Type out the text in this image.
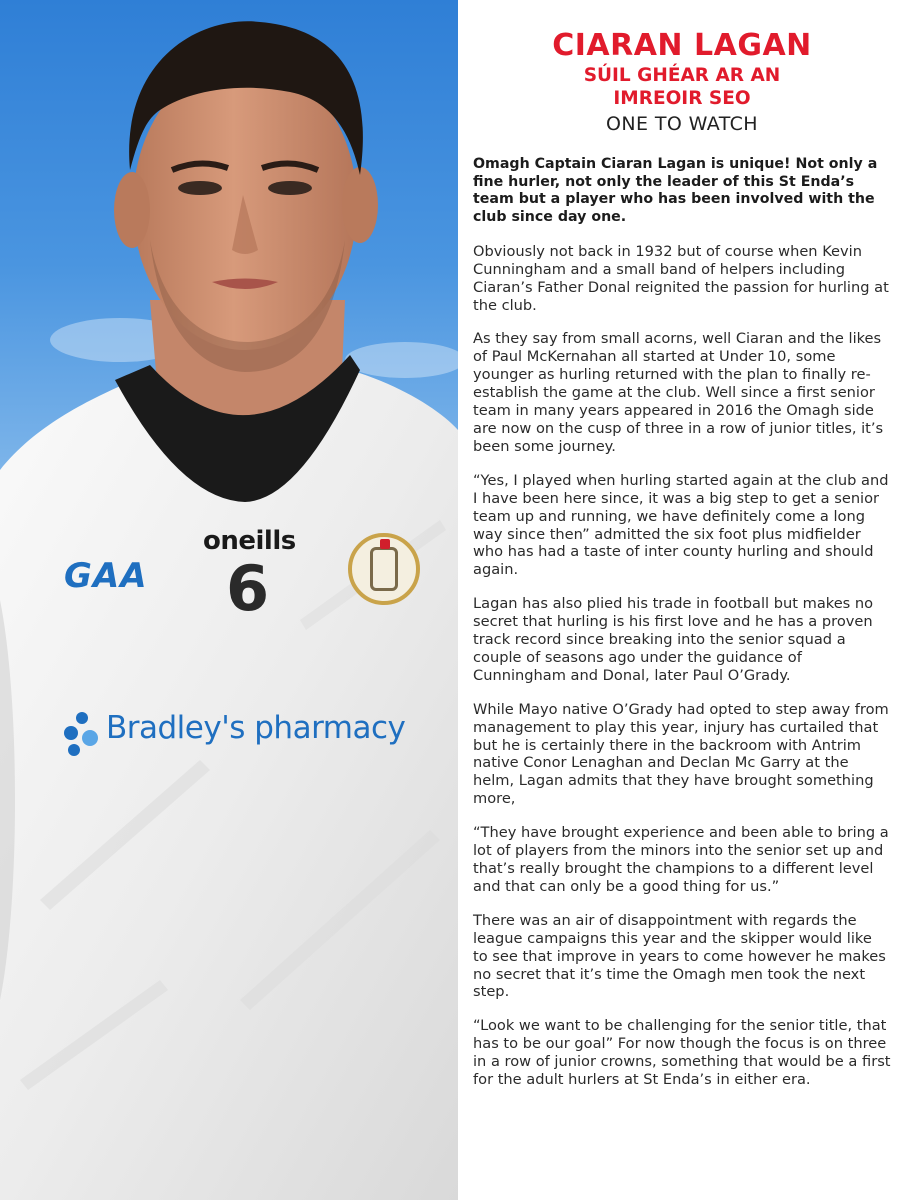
oneills
6
GAA
Bradley's pharmacy
CIARAN LAGAN
SÚIL GHÉAR AR AN
IMREOIR SEO
ONE TO WATCH

Omagh Captain Ciaran Lagan is unique! Not only a fine hurler, not only the leader of this St Enda’s team but a player who has been involved with the club since day one.

Obviously not back in 1932 but of course when Kevin Cunningham and a small band of helpers including Ciaran’s Father Donal reignited the passion for hurling at the club.

As they say from small acorns, well Ciaran and the likes of Paul McKernahan all started at Under 10, some younger as hurling returned with the plan to finally re-establish the game at the club. Well since a first senior team in many years appeared in 2016 the Omagh side are now on the cusp of three in a row of junior titles, it’s been some journey.

“Yes, I played when hurling started again at the club and I have been here since, it was a big step to get a senior team up and running, we have definitely come a long way since then” admitted the six foot plus midfielder who has had a taste of inter county hurling and should again.

Lagan has also plied his trade in football but makes no secret that hurling is his first love and he has a proven track record since breaking into the senior squad a couple of seasons ago under the guidance of Cunningham and Donal, later Paul O’Grady.

While Mayo native O’Grady had opted to step away from management to play this year, injury has curtailed that but he is certainly there in the backroom with Antrim native Conor Lenaghan and Declan Mc Garry at the helm, Lagan admits that they have brought something more,

“They have brought experience and been able to bring a lot of players from the minors into the senior set up and that’s really brought the champions to a different level and that can only be a good thing for us.”

There was an air of disappointment with regards the league campaigns this year and the skipper would like to see that improve in years to come however he makes no secret that it’s time the Omagh men took the next step.

“Look we want to be challenging for the senior title, that has to be our goal” For now though the focus is on three in a row of junior crowns, something that would be a first for the adult hurlers at St Enda’s in either era.
